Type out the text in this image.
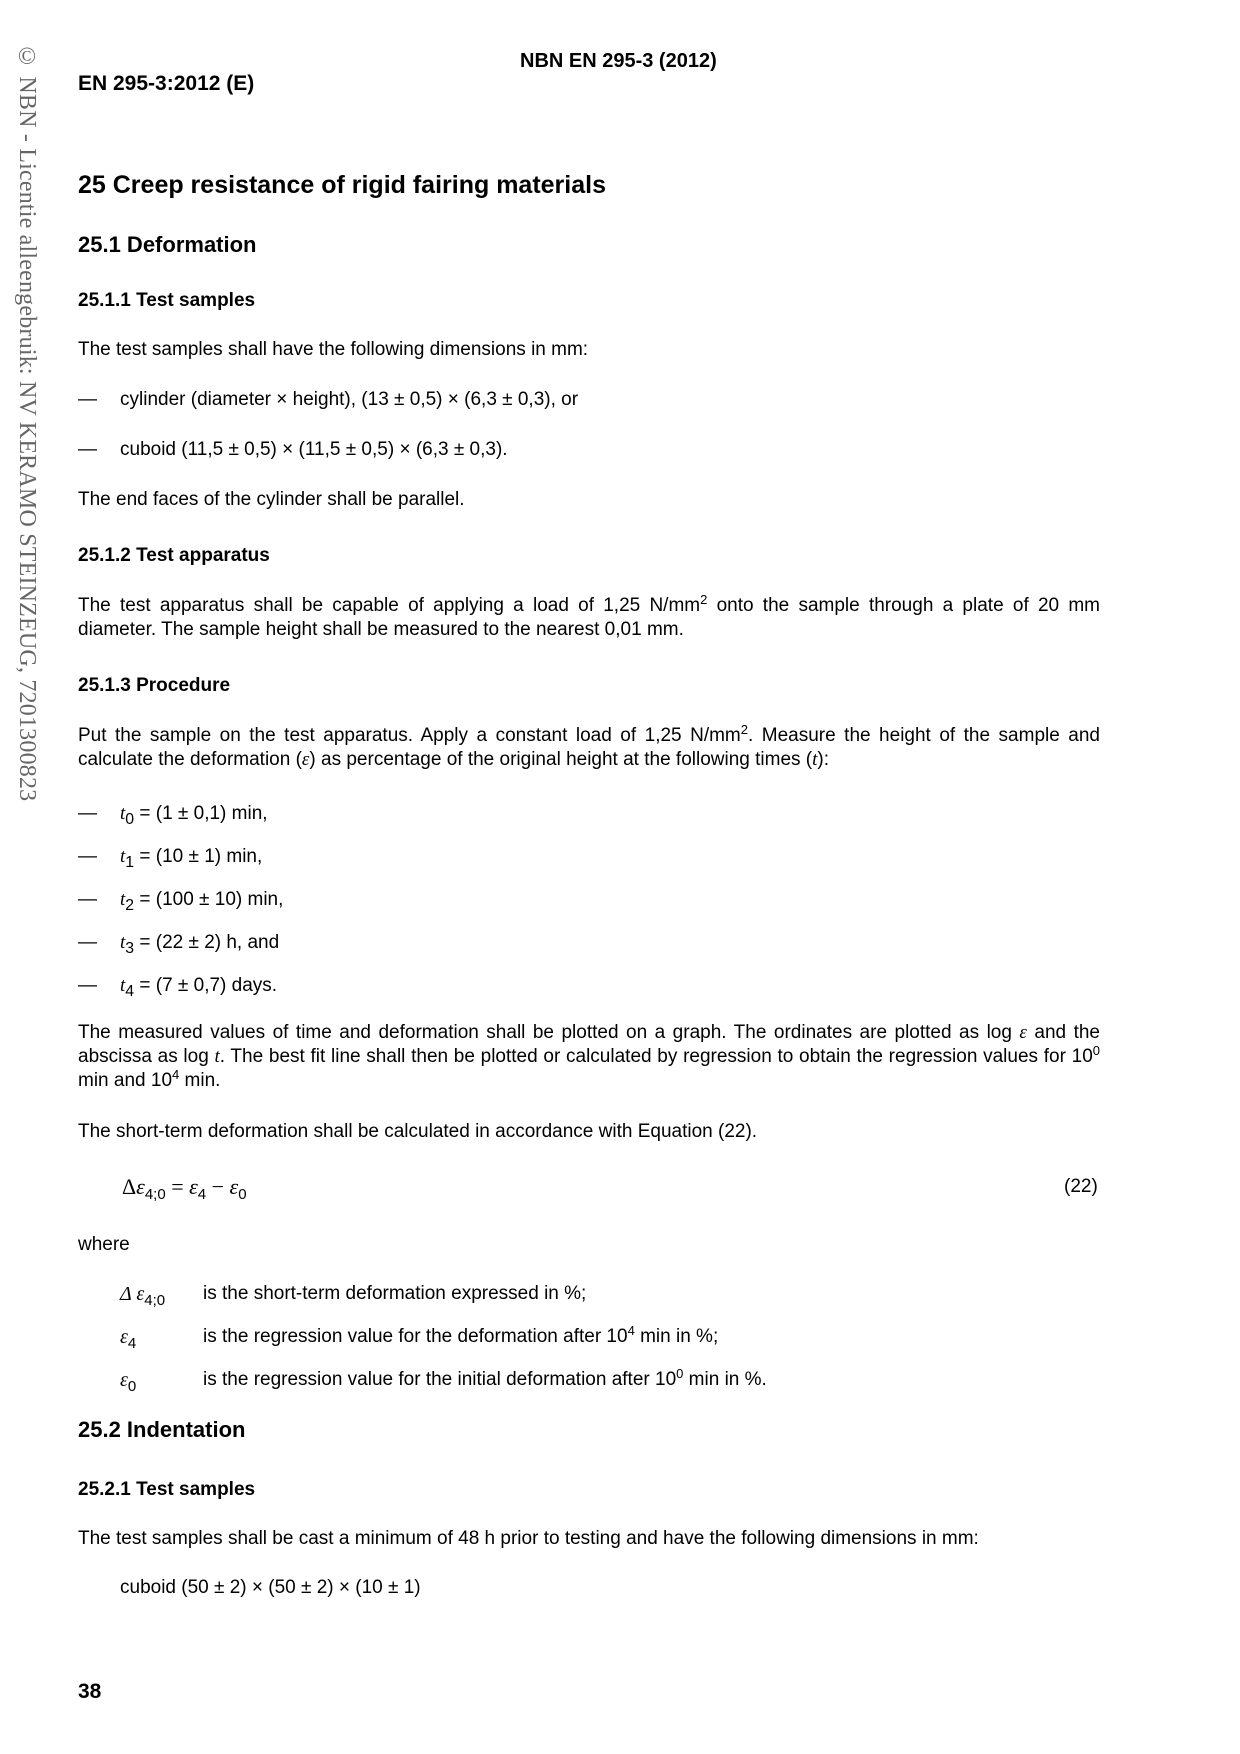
© NBN - Licentie alleengebruik: NV KERAMO STEINZEUG, 7201300823	NBN EN 295-3 (2012)
EN 295-3:2012 (E)
25 Creep resistance of rigid fairing materials
25.1 Deformation
25.1.1 Test samples
The test samples shall have the following dimensions in mm:
— cylinder (diameter × height), (13 ± 0,5) × (6,3 ± 0,3), or
— cuboid (11,5 ± 0,5) × (11,5 ± 0,5) × (6,3 ± 0,3).
The end faces of the cylinder shall be parallel.
25.1.2 Test apparatus
The test apparatus shall be capable of applying a load of 1,25 $N/mm^2$ onto the sample through a plate of 20 mm diameter. The sample height shall be measured to the nearest 0,01 mm.
25.1.3 Procedure
Put the sample on the test apparatus. Apply a constant load of 1,25 $N/mm^2$. Measure the height of the sample and calculate the deformation (ε) as percentage of the original height at the following times (t):
— $t_0 = (1 \pm 0,1)$ min,
— $t_1 = (10 \pm 1)$ min,
— $t_2 = (100 \pm 10)$ min,
— $t_3 = (22 \pm 2)$ h, and
— $t_4 = (7 \pm 0,7)$ days.
The measured values of time and deformation shall be plotted on a graph. The ordinates are plotted as log ε and the abscissa as log t. The best fit line shall then be plotted or calculated by regression to obtain the regression values for $10^0$ min and $10^4$ min.
The short-term deformation shall be calculated in accordance with Equation (22).
$\Delta\varepsilon_{4;0} = \varepsilon_4 - \varepsilon_0$	(22)
where
Δ $\varepsilon_{4;0}$ is the short-term deformation expressed in %;
$\varepsilon_4$	is the regression value for the deformation after $10^4$ min in %;
$\varepsilon_0$	is the regression value for the initial deformation after $10^0$ min in %.
25.2 Indentation
25.2.1 Test samples
The test samples shall be cast a minimum of 48 h prior to testing and have the following dimensions in mm:
cuboid (50 ± 2) × (50 ± 2) × (10 ± 1)
38
